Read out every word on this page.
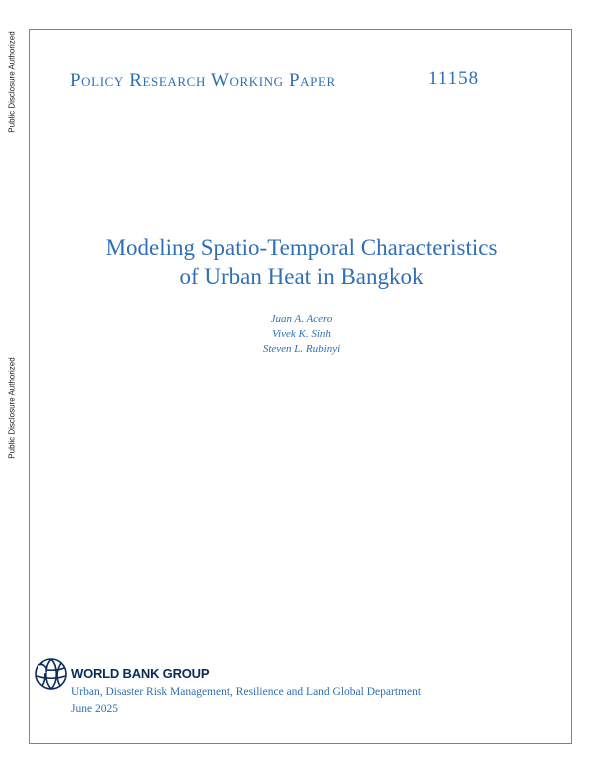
Public Disclosure Authorized
Public Disclosure Authorized
Policy Research Working Paper	11158
Modeling Spatio-Temporal Characteristics
of Urban Heat in Bangkok
Juan A. Acero
Vivek K. Sinh
Steven L. Rubinyi
WORLD BANK GROUP
Urban, Disaster Risk Management, Resilience and Land Global Department
June 2025
